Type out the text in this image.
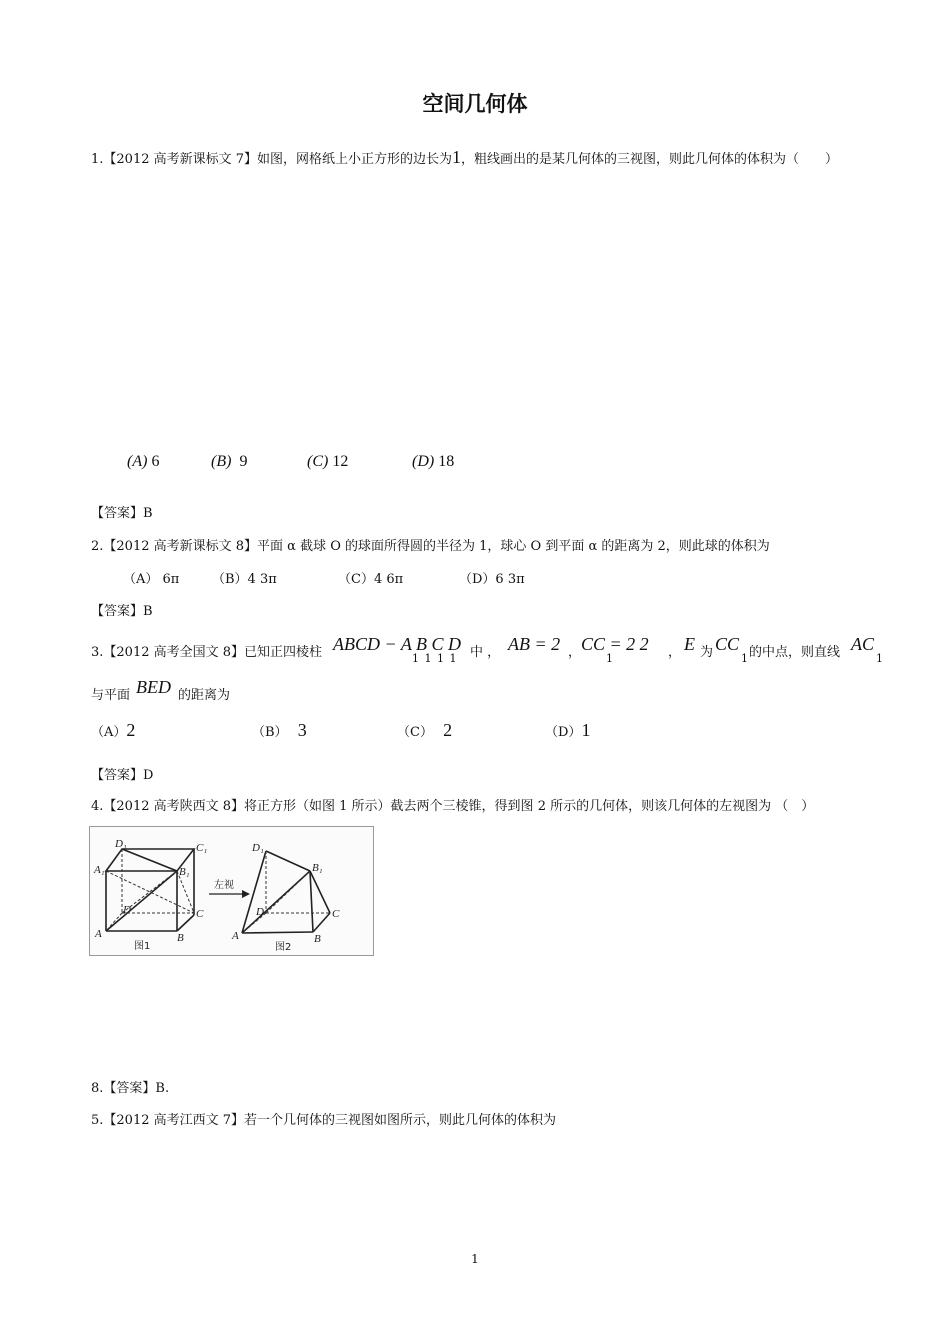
空间几何体
1.【2012 高考新课标文 7】如图，网格纸上小正方形的边长为1，粗线画出的是某几何体的三视图，则此几何体的体积为（　　）
(A) 6	(B) 9	(C) 12	(D) 18
【答案】B
2.【2012 高考新课标文 8】平面 α 截球 O 的球面所得圆的半径为 1，球心 O 到平面 α 的距离为 2，则此球的体积为
（A） 6π	（B）4 3π	（C）4 6π	（D）6 3π
【答案】B
3.【2012 高考全国文 8】已知正四棱柱 ABCD − A B C D
1 1 1 1 中 ， AB = 2 ， CC = 2 2
1	， E 为 CC
1 的中点，则直线 AC
1
与平面 BED 的距离为
（A）2	（B） 3	（C） 2	（D）1
【答案】D
4.【2012 高考陕西文 8】将正方形（如图 1 所示）截去两个三棱锥，得到图 2 所示的几何体，则该几何体的左视图为 （　）
D₁	C₁
A₁	B₁
D	C
A	B
图1
左视
D₁
B₁
D	C
A	B
图2
8.【答案】B.
5.【2012 高考江西文 7】若一个几何体的三视图如图所示，则此几何体的体积为
1
